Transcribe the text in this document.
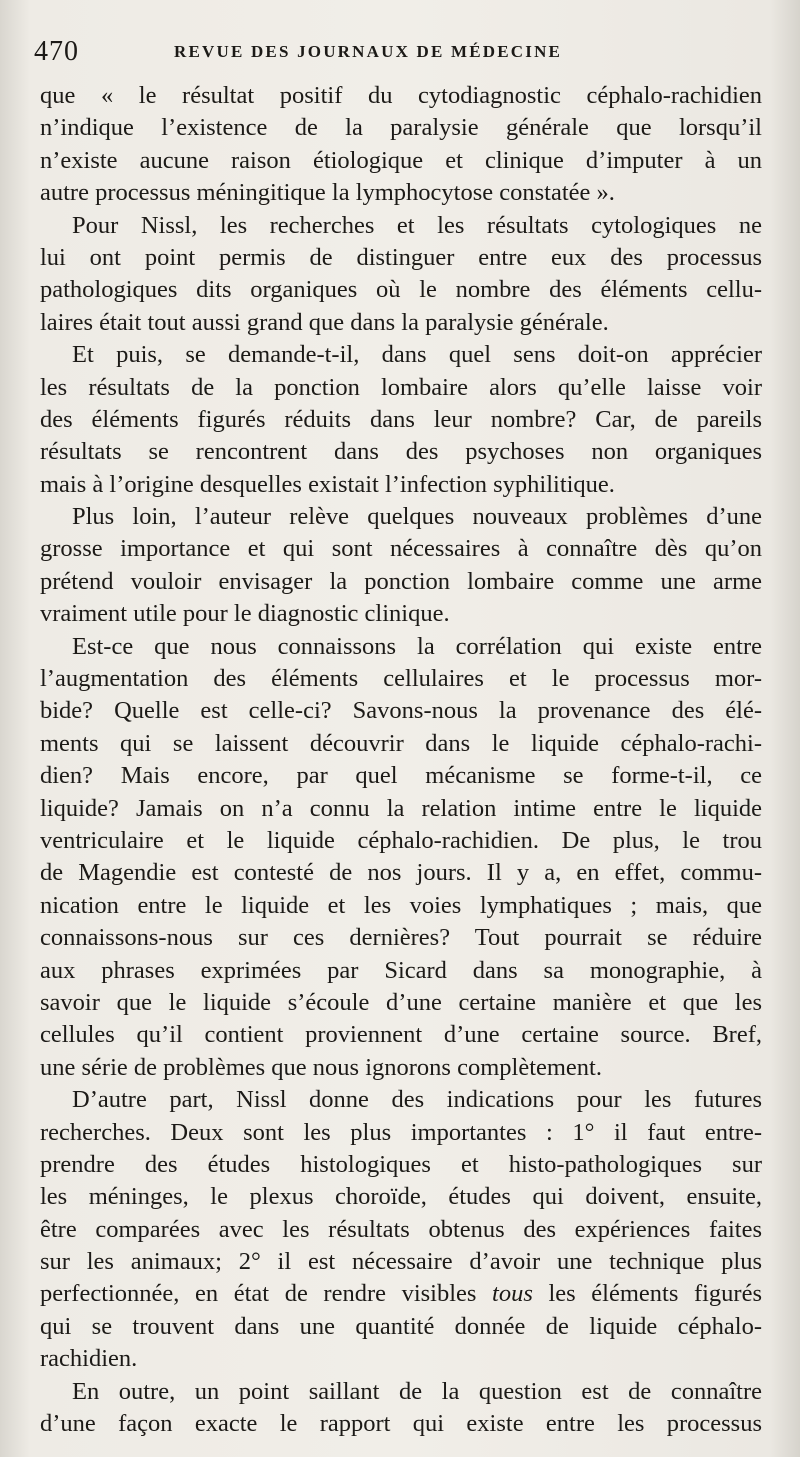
470	REVUE DES JOURNAUX DE MÉDECINE
que « le résultat positif du cytodiagnostic céphalo-rachidien
n’indique l’existence de la paralysie générale que lorsqu’il
n’existe aucune raison étiologique et clinique d’imputer à un
autre processus méningitique la lymphocytose constatée ».
Pour Nissl, les recherches et les résultats cytologiques ne
lui ont point permis de distinguer entre eux des processus
pathologiques dits organiques où le nombre des éléments cellu-
laires était tout aussi grand que dans la paralysie générale.
Et puis, se demande-t-il, dans quel sens doit-on apprécier
les résultats de la ponction lombaire alors qu’elle laisse voir
des éléments figurés réduits dans leur nombre? Car, de pareils
résultats se rencontrent dans des psychoses non organiques
mais à l’origine desquelles existait l’infection syphilitique.
Plus loin, l’auteur relève quelques nouveaux problèmes d’une
grosse importance et qui sont nécessaires à connaître dès qu’on
prétend vouloir envisager la ponction lombaire comme une arme
vraiment utile pour le diagnostic clinique.
Est-ce que nous connaissons la corrélation qui existe entre
l’augmentation des éléments cellulaires et le processus mor-
bide? Quelle est celle-ci? Savons-nous la provenance des élé-
ments qui se laissent découvrir dans le liquide céphalo-rachi-
dien? Mais encore, par quel mécanisme se forme-t-il, ce
liquide? Jamais on n’a connu la relation intime entre le liquide
ventriculaire et le liquide céphalo-rachidien. De plus, le trou
de Magendie est contesté de nos jours. Il y a, en effet, commu-
nication entre le liquide et les voies lymphatiques ; mais, que
connaissons-nous sur ces dernières? Tout pourrait se réduire
aux phrases exprimées par Sicard dans sa monographie, à
savoir que le liquide s’écoule d’une certaine manière et que les
cellules qu’il contient proviennent d’une certaine source. Bref,
une série de problèmes que nous ignorons complètement.
D’autre part, Nissl donne des indications pour les futures
recherches. Deux sont les plus importantes : 1° il faut entre-
prendre des études histologiques et histo-pathologiques sur
les méninges, le plexus choroïde, études qui doivent, ensuite,
être comparées avec les résultats obtenus des expériences faites
sur les animaux; 2° il est nécessaire d’avoir une technique plus
perfectionnée, en état de rendre visibles tous les éléments figurés
qui se trouvent dans une quantité donnée de liquide céphalo-
rachidien.
En outre, un point saillant de la question est de connaître
d’une façon exacte le rapport qui existe entre les processus
